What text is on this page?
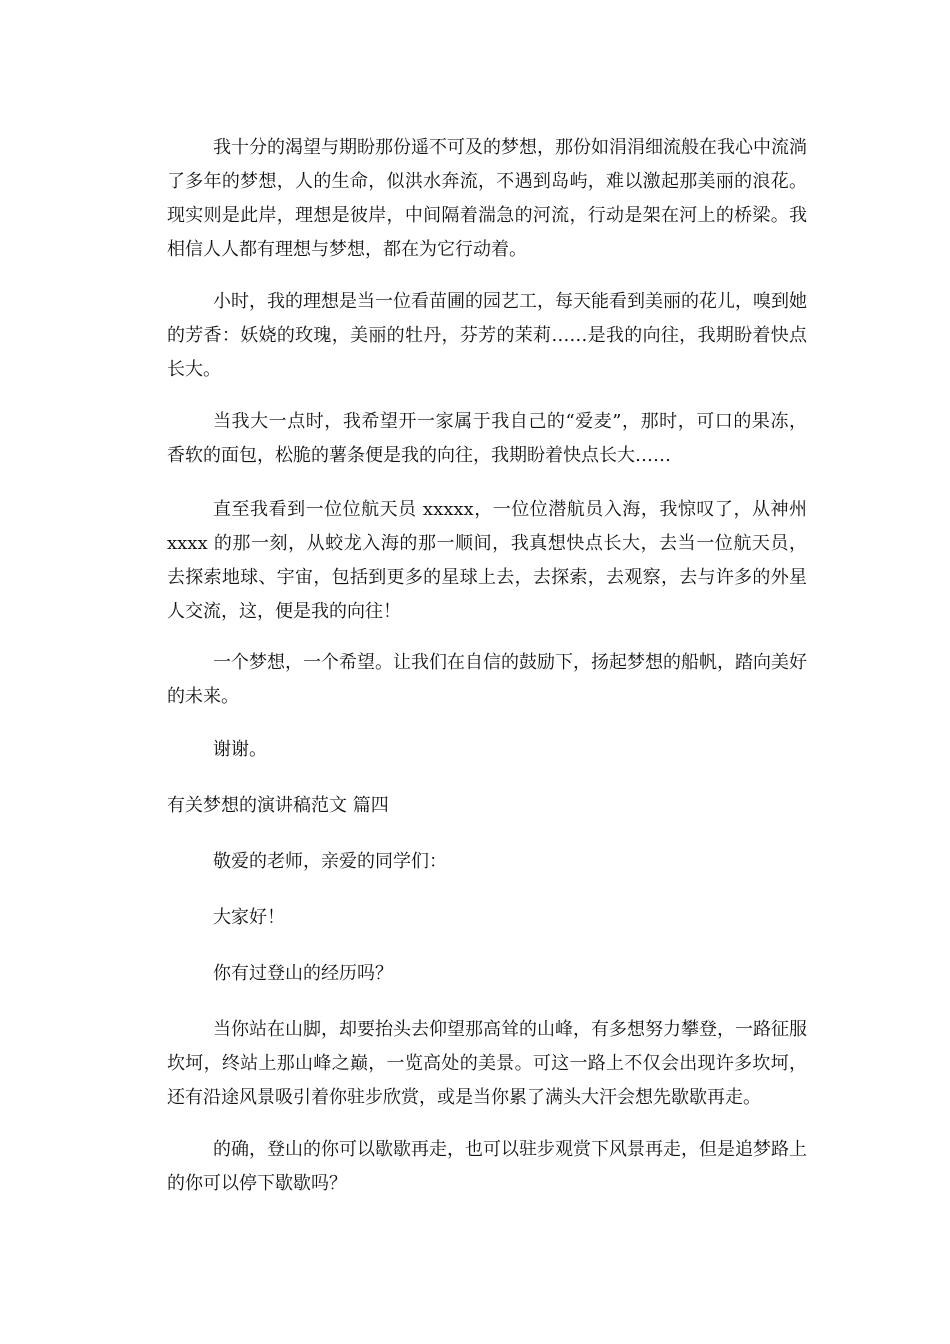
我十分的渴望与期盼那份遥不可及的梦想，那份如涓涓细流般在我心中流淌了多年的梦想，人的生命，似洪水奔流，不遇到岛屿，难以激起那美丽的浪花。现实则是此岸，理想是彼岸，中间隔着湍急的河流，行动是架在河上的桥梁。我相信人人都有理想与梦想，都在为它行动着。

小时，我的理想是当一位看苗圃的园艺工，每天能看到美丽的花儿，嗅到她的芳香：妖娆的玫瑰，美丽的牡丹，芬芳的茉莉……是我的向往，我期盼着快点长大。

当我大一点时，我希望开一家属于我自己的“爱麦”，那时，可口的果冻，香软的面包，松脆的薯条便是我的向往，我期盼着快点长大……

直至我看到一位位航天员 xxxxx，一位位潜航员入海，我惊叹了，从神州 xxxx 的那一刻，从蛟龙入海的那一顺间，我真想快点长大，去当一位航天员，去探索地球、宇宙，包括到更多的星球上去，去探索，去观察，去与许多的外星人交流，这，便是我的向往！

一个梦想，一个希望。让我们在自信的鼓励下，扬起梦想的船帆，踏向美好的未来。

谢谢。

有关梦想的演讲稿范文 篇四

敬爱的老师，亲爱的同学们：

大家好！

你有过登山的经历吗？

当你站在山脚，却要抬头去仰望那高耸的山峰，有多想努力攀登，一路征服坎坷，终站上那山峰之巅，一览高处的美景。可这一路上不仅会出现许多坎坷，还有沿途风景吸引着你驻步欣赏，或是当你累了满头大汗会想先歇歇再走。

的确，登山的你可以歇歇再走，也可以驻步观赏下风景再走，但是追梦路上的你可以停下歇歇吗？
